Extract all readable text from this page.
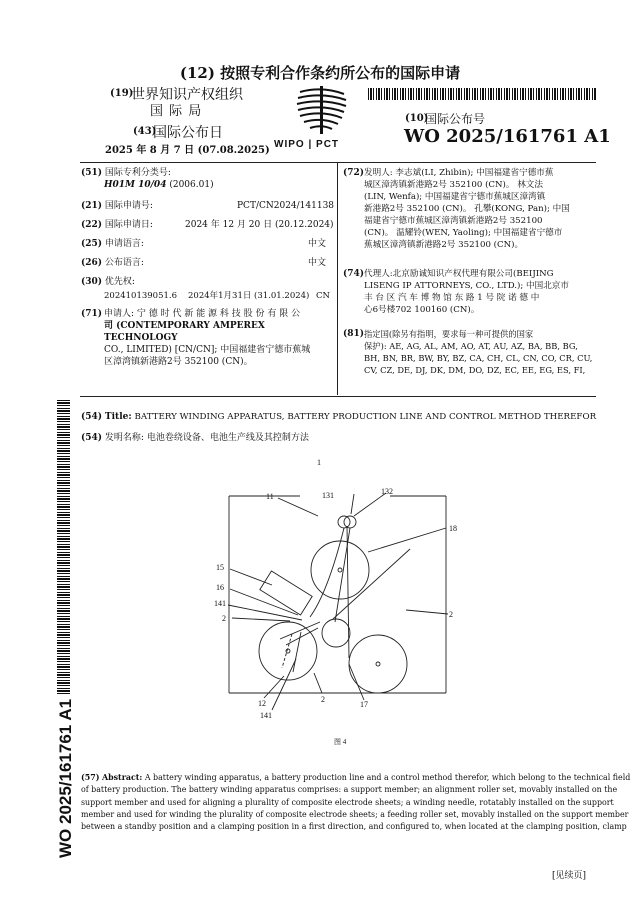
(12) 按照专利合作条约所公布的国际申请
(19)
世界知识产权组织
国 际 局
(43)
国际公布日
2025 年 8 月 7 日 (07.08.2025)
WIPO | PCT
(10)
国际公布号
WO 2025/161761 A1
(51) 国际专利分类号:
H01M 10/04 (2006.01)
(21) 国际申请号:	PCT/CN2024/141138
(22) 国际申请日:	2024 年 12 月 20 日 (20.12.2024)
(25) 申请语言:	中文
(26) 公布语言:	中文
(30) 优先权:
202410139051.6 2024年1月31日 (31.01.2024) CN
(71) 申请人: 宁 德 时 代 新 能 源 科 技 股 份 有 限 公
司 (CONTEMPORARY AMPEREX TECHNOLOGY
CO., LIMITED) [CN/CN]; 中国福建省宁德市蕉城
区漳湾镇新港路2号 352100 (CN)。
(72) 发明人: 李志斌(LI, Zhibin); 中国福建省宁德市蕉
城区漳湾镇新港路2号 352100 (CN)。 林文法
(LIN, Wenfa); 中国福建省宁德市蕉城区漳湾镇
新港路2号 352100 (CN)。 孔攀(KONG, Pan); 中国
福建省宁德市蕉城区漳湾镇新港路2号 352100
(CN)。 温耀铃(WEN, Yaoling); 中国福建省宁德市
蕉城区漳湾镇新港路2号 352100 (CN)。
(74) 代理人:北京励诚知识产权代理有限公司(BEIJING
LISENG IP ATTORNEYS, CO., LTD.); 中国北京市
丰 台 区 汽 车 博 物 馆 东 路 1 号 院 诺 德 中
心6号楼702 100160 (CN)。
(81) 指定国(除另有指明，要求每一种可提供的国家
保护): AE, AG, AL, AM, AO, AT, AU, AZ, BA, BB, BG,
BH, BN, BR, BW, BY, BZ, CA, CH, CL, CN, CO, CR, CU,
CV, CZ, DE, DJ, DK, DM, DO, DZ, EC, EE, EG, ES, FI,
(54) Title: BATTERY WINDING APPARATUS, BATTERY PRODUCTION LINE AND CONTROL METHOD THEREFOR
(54) 发明名称: 电池卷绕设备、电池生产线及其控制方法
1
11	131	132
18
15
16
141
2	2
12	2
17
141
图 4
(57) Abstract: A battery winding apparatus, a battery production line and a control method therefor, which belong to the technical field
of battery production. The battery winding apparatus comprises: a support member; an alignment roller set, movably installed on the
support member and used for aligning a plurality of composite electrode sheets; a winding needle, rotatably installed on the support
member and used for winding the plurality of composite electrode sheets; a feeding roller set, movably installed on the support member
between a standby position and a clamping position in a first direction, and configured to, when located at the clamping position, clamp
WO 2025/161761 A1
[见续页]
